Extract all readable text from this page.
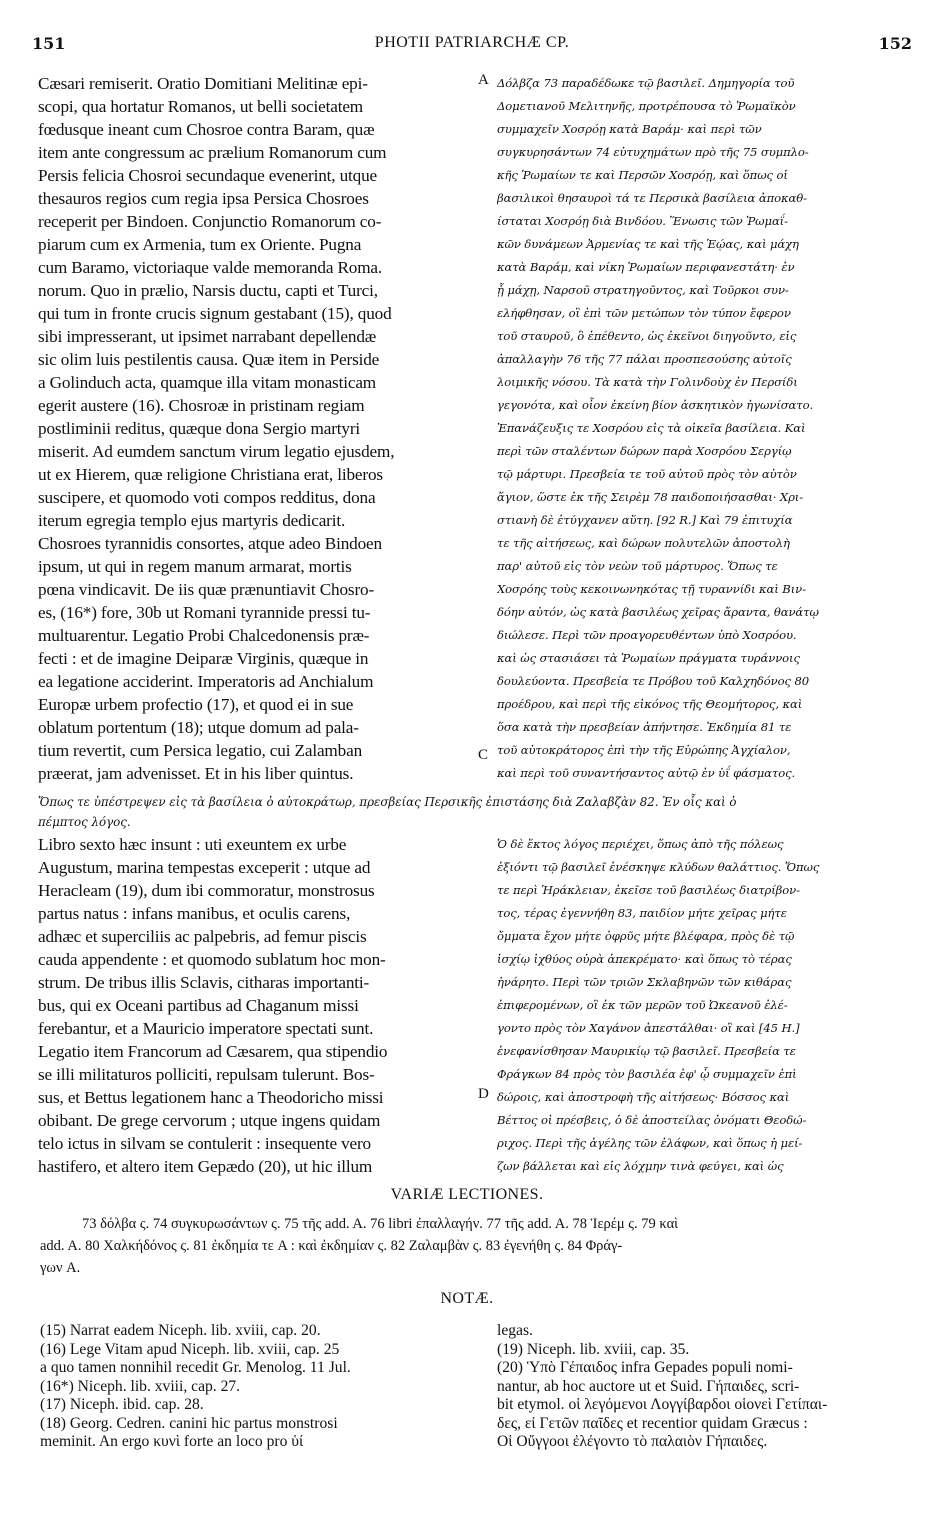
151	PHOTII PATRIARCHÆ CP.	152
Cæsari remiserit. Oratio Domitiani Melitinæ epi-
scopi, qua hortatur Romanos, ut belli societatem
fœdusque ineant cum Chosroe contra Baram, quæ
item ante congressum ac prælium Romanorum cum
Persis felicia Chosroi secundaque evenerint, utque
thesauros regios cum regia ipsa Persica Chosroes
receperit per Bindoen. Conjunctio Romanorum co-
piarum cum ex Armenia, tum ex Oriente. Pugna
cum Baramo, victoriaque valde memoranda Roma.
norum. Quo in prælio, Narsis ductu, capti et Turci,
qui tum in fronte crucis signum gestabant (15), quod
sibi impresserant, ut ipsimet narrabant depellendæ
sic olim luis pestilentis causa. Quæ item in Perside
a Golinduch acta, quamque illa vitam monasticam
egerit austere (16). Chosroæ in pristinam regiam
postliminii reditus, quæque dona Sergio martyri
miserit. Ad eumdem sanctum virum legatio ejusdem,
ut ex Hierem, quæ religione Christiana erat, liberos
suscipere, et quomodo voti compos redditus, dona
iterum egregia templo ejus martyris dedicarit.
Chosroes tyrannidis consortes, atque adeo Bindoen
ipsum, ut qui in regem manum armarat, mortis
pœna vindicavit. De iis quæ prænuntiavit Chosro-
es, (16*) fore, 30b ut Romani tyrannide pressi tu-
multuarentur. Legatio Probi Chalcedonensis præ-
fecti : et de imagine Deiparæ Virginis, quæque in
ea legatione acciderint. Imperatoris ad Anchialum
Europæ urbem profectio (17), et quod ei in sue
oblatum portentum (18); utque domum ad pala-
tium revertit, cum Persica legatio, cui Zalamban
præerat, jam advenisset. Et in his liber quintus.
A Δόλβζα 73 παραδέδωκε τῷ βασιλεῖ. Δημηγορία τοῦ
Δομετιανοῦ Μελιτηνῆς, προτρέπουσα τὸ Ῥωμαϊκὸν
συμμαχεῖν Χοσρόῃ κατὰ Βαράμ· καὶ περὶ τῶν
συγκυρησάντων 74 εὐτυχημάτων πρὸ τῆς 75 συμπλο-
κῆς Ῥωμαίων τε καὶ Περσῶν Χοσρόῃ, καὶ ὅπως οἱ
βασιλικοὶ θησαυροὶ τά τε Περσικὰ βασίλεια ἀποκαθ-
ίσταται Χοσρόῃ διὰ Βινδόου. Ἕνωσις τῶν Ῥωμαΐ-
κῶν δυνάμεων Ἀρμενίας τε καὶ τῆς Ἑῴας, καὶ μάχη
κατὰ Βαράμ, καὶ νίκη Ῥωμαίων περιφανεστάτη· ἐν
ᾗ μάχῃ, Ναρσοῦ στρατηγοῦντος, καὶ Τοῦρκοι συν-
ελήφθησαν, οἳ ἐπὶ τῶν μετώπων τὸν τύπον ἔφερον
τοῦ σταυροῦ, ὃ ἐπέθεντο, ὡς ἐκεῖνοι διηγοῦντο, εἰς
ἀπαλλαγὴν 76 τῆς 77 πάλαι προσπεσούσης αὐτοῖς
λοιμικῆς νόσου. Τὰ κατὰ τὴν Γολινδοὺχ ἐν Περσίδι
γεγονότα, καὶ οἷον ἐκείνη βίον ἀσκητικὸν ἠγωνίσατο.
Ἐπανάζευξις τε Χοσρόου εἰς τὰ οἰκεῖα βασίλεια. Καὶ
περὶ τῶν σταλέντων δώρων παρὰ Χοσρόου Σεργίῳ
τῷ μάρτυρι. Πρεσβεία τε τοῦ αὐτοῦ πρὸς τὸν αὐτὸν
ἅγιον, ὥστε ἐκ τῆς Σειρὲμ 78 παιδοποιήσασθαι· Χρι-
στιανὴ δὲ ἐτύγχανεν αὕτη. [92 R.] Καὶ 79 ἐπιτυχία
τε τῆς αἰτήσεως, καὶ δώρων πολυτελῶν ἀποστολὴ
παρ' αὐτοῦ εἰς τὸν νεὼν τοῦ μάρτυρος. Ὅπως τε
Χοσρόης τοὺς κεκοινωνηκότας τῇ τυραννίδι καὶ Βιν-
δόην αὐτόν, ὡς κατὰ βασιλέως χεῖρας ἄραντα, θανάτῳ
διώλεσε. Περὶ τῶν προαγορευθέντων ὑπὸ Χοσρόου.
καὶ ὡς στασιάσει τὰ Ῥωμαίων πράγματα τυράννοις
δουλεύοντα. Πρεσβεία τε Πρόβου τοῦ Καλχηδόνος 80
προέδρου, καὶ περὶ τῆς εἰκόνος τῆς Θεομήτορος, καὶ
ὅσα κατὰ τὴν πρεσβείαν ἀπήντησε. Ἐκδημία 81 τε
τοῦ αὐτοκράτορος ἐπὶ τὴν τῆς Εὐρώπης Ἀγχίαλον,
καὶ περὶ τοῦ συναντήσαντος αὐτῷ ἐν ὑΐ φάσματος.
C
Ὅπως τε ὑπέστρεψεν εἰς τὰ βασίλεια ὁ αὐτοκράτωρ, πρεσβείας Περσικῆς ἐπιστάσης διὰ Ζαλαβζὰν 82. Ἐν οἷς καὶ ὁ
πέμπτος λόγος.
Libro sexto hæc insunt : uti exeuntem ex urbe
Augustum, marina tempestas exceperit : utque ad
Heracleam (19), dum ibi commoratur, monstrosus
partus natus : infans manibus, et oculis carens,
adhæc et superciliis ac palpebris, ad femur piscis
cauda appendente : et quomodo sublatum hoc mon-
strum. De tribus illis Sclavis, citharas importanti-
bus, qui ex Oceani partibus ad Chaganum missi
ferebantur, et a Mauricio imperatore spectati sunt.
Legatio item Francorum ad Cæsarem, qua stipendio
se illi militaturos polliciti, repulsam tulerunt. Bos-
sus, et Bettus legationem hanc a Theodoricho missi
obibant. De grege cervorum ; utque ingens quidam
telo ictus in silvam se contulerit : insequente vero
hastifero, et altero item Gepædo (20), ut hic illum
D
Ὁ δὲ ἕκτος λόγος περιέχει, ὅπως ἀπὸ τῆς πόλεως
ἐξιόντι τῷ βασιλεῖ ἐνέσκηψε κλύδων θαλάττιος. Ὅπως
τε περὶ Ἡράκλειαν, ἐκεῖσε τοῦ βασιλέως διατρίβον-
τος, τέρας ἐγεννήθη 83, παιδίον μήτε χεῖρας μήτε
ὄμματα ἔχον μήτε ὀφρῦς μήτε βλέφαρα, πρὸς δὲ τῷ
ἰσχίῳ ἰχθύος οὐρὰ ἀπεκρέματο· καὶ ὅπως τὸ τέρας
ἠνάρητο. Περὶ τῶν τριῶν Σκλαβηνῶν τῶν κιθάρας
ἐπιφερομένων, οἳ ἐκ τῶν μερῶν τοῦ Ὠκεανοῦ ἐλέ-
γοντο πρὸς τὸν Χαγάνον ἀπεστάλθαι· οἳ καὶ [45 H.]
ἐνεφανίσθησαν Μαυρικίῳ τῷ βασιλεῖ. Πρεσβεία τε
Φράγκων 84 πρὸς τὸν βασιλέα ἐφ' ᾧ συμμαχεῖν ἐπὶ
δώροις, καὶ ἀποστροφὴ τῆς αἰτήσεως· Βόσσος καὶ
Βέττος οἱ πρέσβεις, ὁ δὲ ἀποστείλας ὀνόματι Θεοδώ-
ριχος. Περὶ τῆς ἀγέλης τῶν ἐλάφων, καὶ ὅπως ἡ μεί-
ζων βάλλεται καὶ εἰς λόχμην τινὰ φεύγει, καὶ ὡς
VARIÆ LECTIONES.
73 δόλβα ς. 74 συγκυρωσάντων ς. 75 τῆς add. A. 76 libri ἐπαλλαγήν. 77 τῆς add. A. 78 Ἱερέμ ς. 79 καὶ
add. A. 80 Χαλκήδόνος ς. 81 ἐκδημία τε A : καὶ ἐκδημίαν ς. 82 Ζαλαμβὰν ς. 83 ἐγενήθη ς. 84 Φράγ-
γων A.
NOTÆ.
(15) Narrat eadem Niceph. lib. xviii, cap. 20.
(16) Lege Vitam apud Niceph. lib. xviii, cap. 25
a quo tamen nonnihil recedit Gr. Menolog. 11 Jul.
(16*) Niceph. lib. xviii, cap. 27.
(17) Niceph. ibid. cap. 28.
(18) Georg. Cedren. canini hic partus monstrosi
meminit. An ergo κυνὶ forte an loco pro ὑί
legas.
(19) Niceph. lib. xviii, cap. 35.
(20) Ὑπὸ Γέπαιδος infra Gepades populi nomi-
nantur, ab hoc auctore ut et Suid. Γήπαιδες, scri-
bit etymol. οἱ λεγόμενοι Λογγίβαρδοι οἱονεὶ Γετίπαι-
δες, εἰ Γετῶν παῖδες et recentior quidam Græcus :
Οἱ Οὔγγοοι ἐλέγοντο τὸ παλαιὸν Γήπαιδες.
